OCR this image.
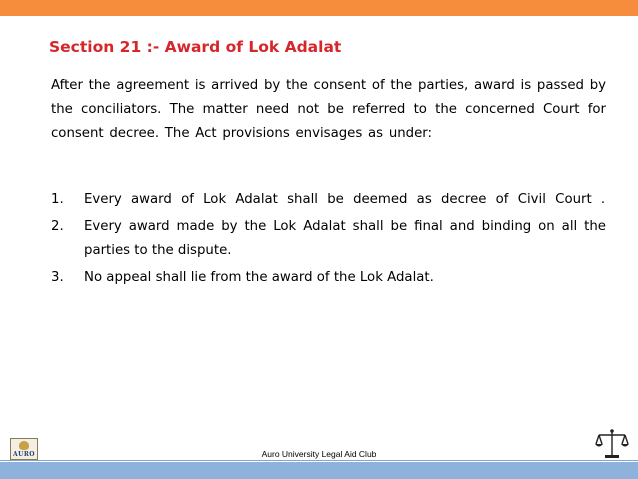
Section 21 :- Award of Lok Adalat
After the agreement is arrived by the consent of the parties, award is passed by the conciliators. The matter need not be referred to the concerned Court for consent decree. The Act provisions envisages as under:
1. Every award of Lok Adalat shall be deemed as decree of Civil Court .
2. Every award made by the Lok Adalat shall be final and binding on all the parties to the dispute.
3. No appeal shall lie from the award of the Lok Adalat.
AURO	Auro University Legal Aid Club
